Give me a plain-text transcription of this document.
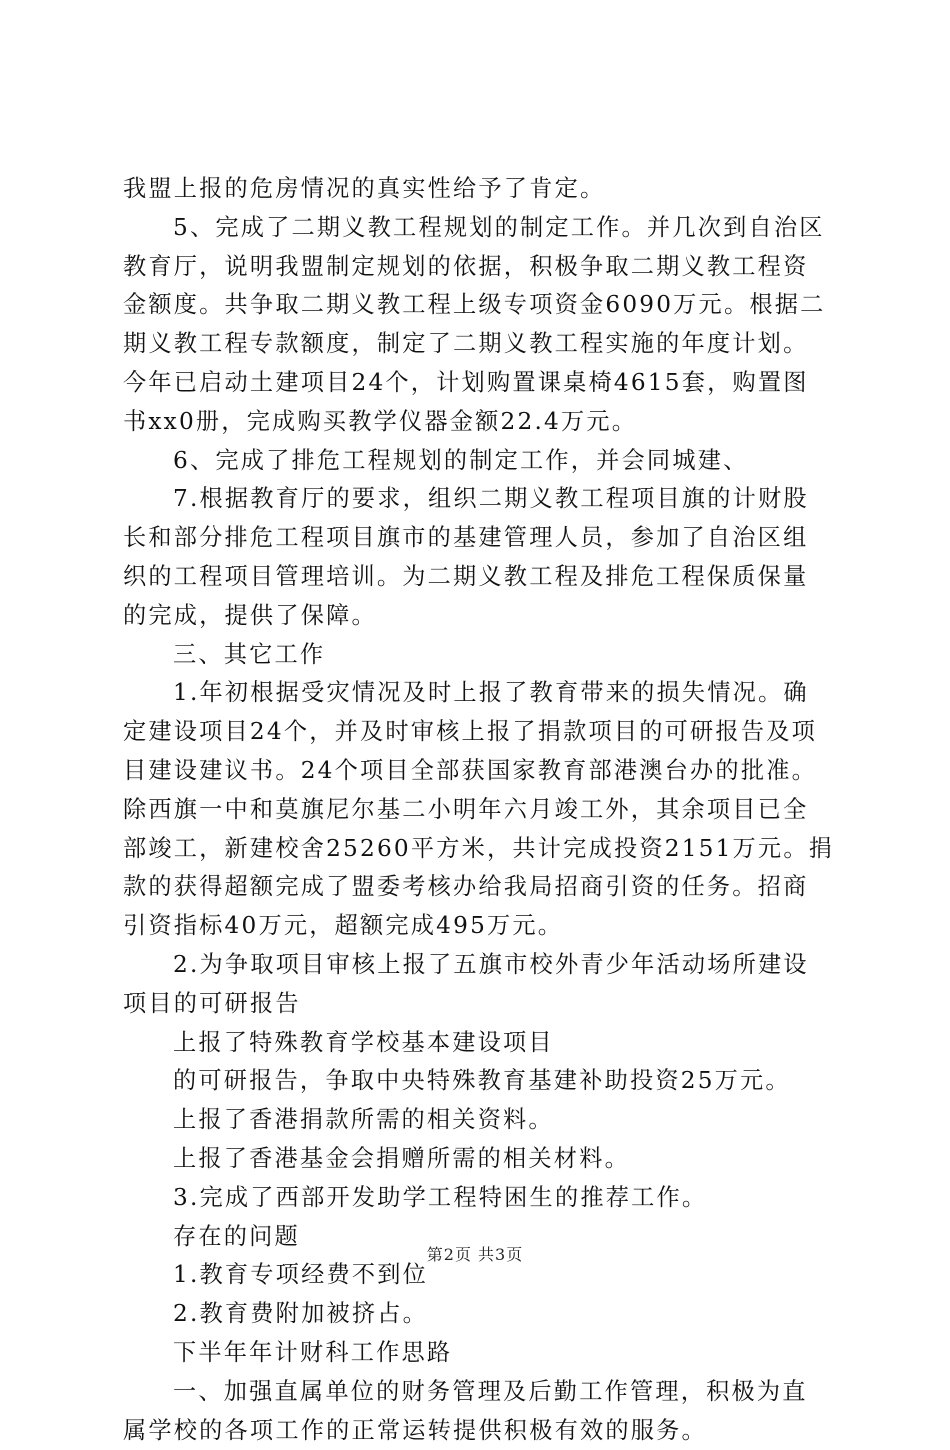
我盟上报的危房情况的真实性给予了肯定。
5、完成了二期义教工程规划的制定工作。并几次到自治区
教育厅，说明我盟制定规划的依据，积极争取二期义教工程资
金额度。共争取二期义教工程上级专项资金6090万元。根据二
期义教工程专款额度，制定了二期义教工程实施的年度计划。
今年已启动土建项目24个，计划购置课桌椅4615套，购置图
书xx0册，完成购买教学仪器金额22.4万元。
6、完成了排危工程规划的制定工作，并会同城建、
7.根据教育厅的要求，组织二期义教工程项目旗的计财股
长和部分排危工程项目旗市的基建管理人员，参加了自治区组
织的工程项目管理培训。为二期义教工程及排危工程保质保量
的完成，提供了保障。
三、其它工作
1.年初根据受灾情况及时上报了教育带来的损失情况。确
定建设项目24个，并及时审核上报了捐款项目的可研报告及项
目建设建议书。24个项目全部获国家教育部港澳台办的批准。
除西旗一中和莫旗尼尔基二小明年六月竣工外，其余项目已全
部竣工，新建校舍25260平方米，共计完成投资2151万元。捐
款的获得超额完成了盟委考核办给我局招商引资的任务。招商
引资指标40万元，超额完成495万元。
2.为争取项目审核上报了五旗市校外青少年活动场所建设
项目的可研报告
上报了特殊教育学校基本建设项目
的可研报告，争取中央特殊教育基建补助投资25万元。
上报了香港捐款所需的相关资料。
上报了香港基金会捐赠所需的相关材料。
3.完成了西部开发助学工程特困生的推荐工作。
存在的问题
1.教育专项经费不到位
2.教育费附加被挤占。
下半年年计财科工作思路
一、加强直属单位的财务管理及后勤工作管理，积极为直
属学校的各项工作的正常运转提供积极有效的服务。
第2页 共3页
